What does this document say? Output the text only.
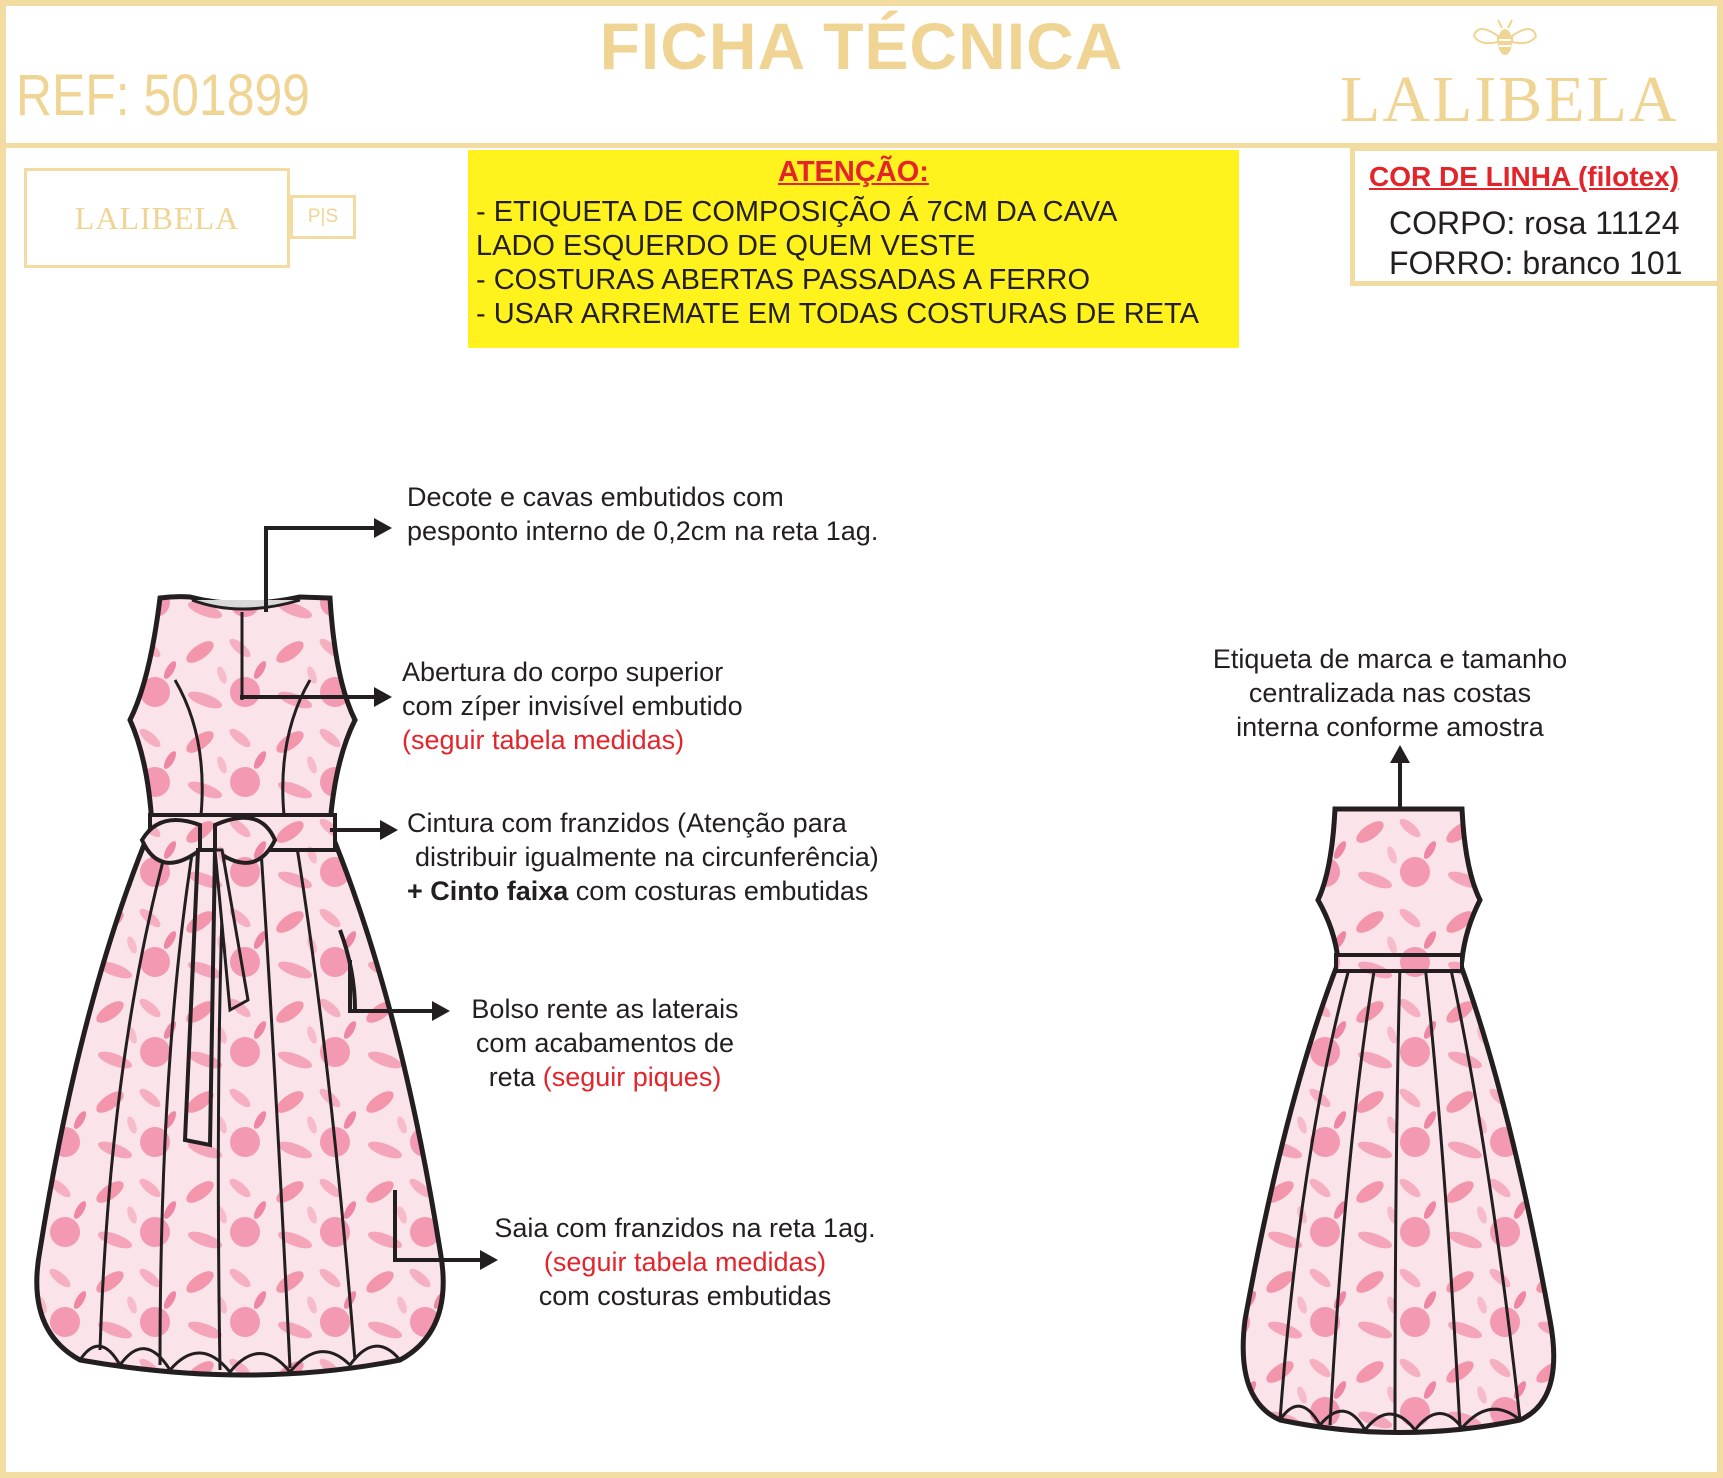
FICHA TÉCNICA
REF: 501899	LALIBELA
LALIBELA	P|S
ATENÇÃO:
- ETIQUETA DE COMPOSIÇÃO Á 7CM DA CAVA
LADO ESQUERDO DE QUEM VESTE
- COSTURAS ABERTAS PASSADAS A FERRO
- USAR ARREMATE EM TODAS COSTURAS DE RETA
COR DE LINHA (filotex)
CORPO: rosa 11124
FORRO: branco 101
Decote e cavas embutidos com
pesponto interno de 0,2cm na reta 1ag.
Abertura do corpo superior
com zíper invisível embutido
(seguir tabela medidas)
Cintura com franzidos (Atenção para
distribuir igualmente na circunferência)
+ Cinto faixa com costuras embutidas
Bolso rente as laterais
com acabamentos de
reta (seguir piques)
Saia com franzidos na reta 1ag.
(seguir tabela medidas)
com costuras embutidas
Etiqueta de marca e tamanho
centralizada nas costas
interna conforme amostra
